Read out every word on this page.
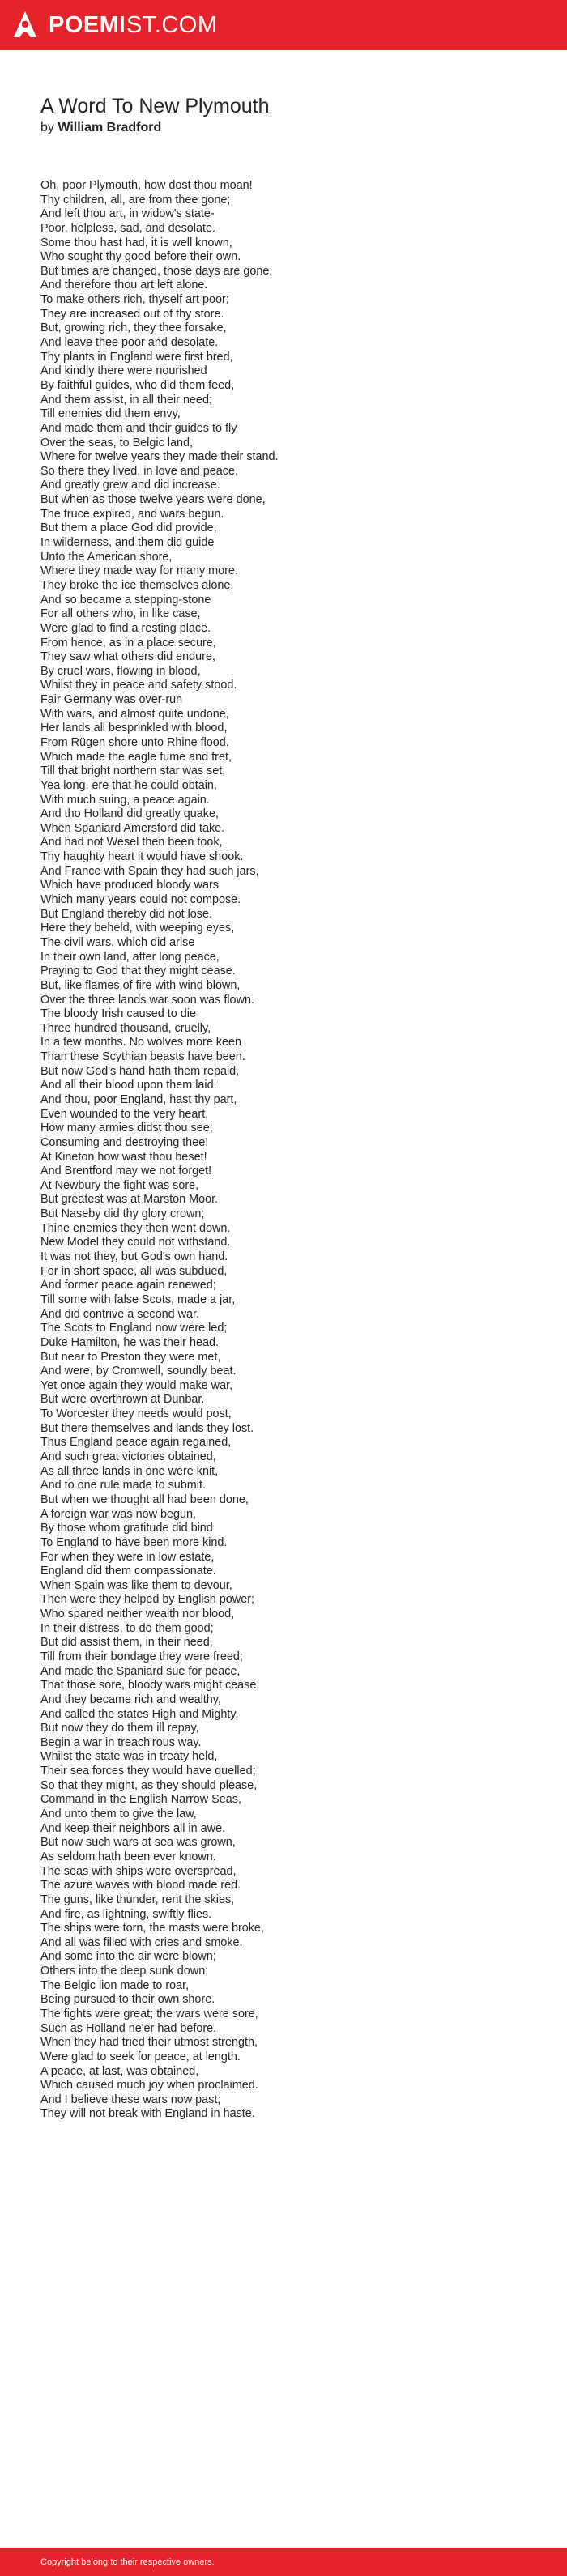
POEMIST.COM
A Word To New Plymouth
by William Bradford
Oh, poor Plymouth, how dost thou moan!
Thy children, all, are from thee gone;
And left thou art, in widow's state-
Poor, helpless, sad, and desolate.
Some thou hast had, it is well known,
Who sought thy good before their own.
But times are changed, those days are gone,
And therefore thou art left alone.
To make others rich, thyself art poor;
They are increased out of thy store.
But, growing rich, they thee forsake,
And leave thee poor and desolate.
Thy plants in England were first bred,
And kindly there were nourished
By faithful guides, who did them feed,
And them assist, in all their need;
Till enemies did them envy,
And made them and their guides to fly
Over the seas, to Belgic land,
Where for twelve years they made their stand.
So there they lived, in love and peace,
And greatly grew and did increase.
But when as those twelve years were done,
The truce expired, and wars begun.
But them a place God did provide,
In wilderness, and them did guide
Unto the American shore,
Where they made way for many more.
They broke the ice themselves alone,
And so became a stepping-stone
For all others who, in like case,
Were glad to find a resting place.
From hence, as in a place secure,
They saw what others did endure,
By cruel wars, flowing in blood,
Whilst they in peace and safety stood.
Fair Germany was over-run
With wars, and almost quite undone,
Her lands all besprinkled with blood,
From Rügen shore unto Rhine flood.
Which made the eagle fume and fret,
Till that bright northern star was set,
Yea long, ere that he could obtain,
With much suing, a peace again.
And tho Holland did greatly quake,
When Spaniard Amersford did take.
And had not Wesel then been took,
Thy haughty heart it would have shook.
And France with Spain they had such jars,
Which have produced bloody wars
Which many years could not compose.
But England thereby did not lose.
Here they beheld, with weeping eyes,
The civil wars, which did arise
In their own land, after long peace,
Praying to God that they might cease.
But, like flames of fire with wind blown,
Over the three lands war soon was flown.
The bloody Irish caused to die
Three hundred thousand, cruelly,
In a few months. No wolves more keen
Than these Scythian beasts have been.
But now God's hand hath them repaid,
And all their blood upon them laid.
And thou, poor England, hast thy part,
Even wounded to the very heart.
How many armies didst thou see;
Consuming and destroying thee!
At Kineton how wast thou beset!
And Brentford may we not forget!
At Newbury the fight was sore,
But greatest was at Marston Moor.
But Naseby did thy glory crown;
Thine enemies they then went down.
New Model they could not withstand.
It was not they, but God's own hand.
For in short space, all was subdued,
And former peace again renewed;
Till some with false Scots, made a jar,
And did contrive a second war.
The Scots to England now were led;
Duke Hamilton, he was their head.
But near to Preston they were met,
And were, by Cromwell, soundly beat.
Yet once again they would make war,
But were overthrown at Dunbar.
To Worcester they needs would post,
But there themselves and lands they lost.
Thus England peace again regained,
And such great victories obtained,
As all three lands in one were knit,
And to one rule made to submit.
But when we thought all had been done,
A foreign war was now begun,
By those whom gratitude did bind
To England to have been more kind.
For when they were in low estate,
England did them compassionate.
When Spain was like them to devour,
Then were they helped by English power;
Who spared neither wealth nor blood,
In their distress, to do them good;
But did assist them, in their need,
Till from their bondage they were freed;
And made the Spaniard sue for peace,
That those sore, bloody wars might cease.
And they became rich and wealthy,
And called the states High and Mighty.
But now they do them ill repay,
Begin a war in treach'rous way.
Whilst the state was in treaty held,
Their sea forces they would have quelled;
So that they might, as they should please,
Command in the English Narrow Seas,
And unto them to give the law,
And keep their neighbors all in awe.
But now such wars at sea was grown,
As seldom hath been ever known.
The seas with ships were overspread,
The azure waves with blood made red.
The guns, like thunder, rent the skies,
And fire, as lightning, swiftly flies.
The ships were torn, the masts were broke,
And all was filled with cries and smoke.
And some into the air were blown;
Others into the deep sunk down;
The Belgic lion made to roar,
Being pursued to their own shore.
The fights were great; the wars were sore,
Such as Holland ne'er had before.
When they had tried their utmost strength,
Were glad to seek for peace, at length.
A peace, at last, was obtained,
Which caused much joy when proclaimed.
And I believe these wars now past;
They will not break with England in haste.
Copyright belong to their respective owners.
